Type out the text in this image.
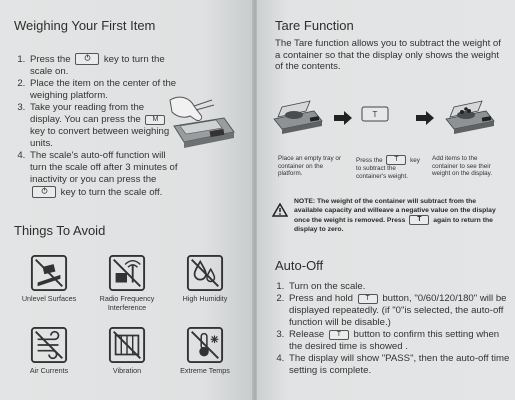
Weighing Your First Item
1. Press the	key to turn the scale on.
2. Place the item on the center of the weighing platform.
3. Take your reading from the display. You can press the M key to convert between weighing units.
4. The scale's auto-off function will turn the scale off after 3 minutes of inactivity or you can press the  key to turn the scale off.
Things To Avoid
Unlevel Surfaces	Radio Frequency Interference
High Humidity
Air Currents	Vibration	Extreme Temps
Tare Function

The Tare function allows you to subtract the weight of a container so that the display only shows the weight of the contents.

T
Place an empty tray or container on the platform.
Press the T key to subtract the container's weight.
Add items to the container to see their weight on the display.
NOTE: The weight of the container will subtract from the available capacity and willeave a negative value on the display once the weight is removed. Press T again to return the display to zero.
Auto-Off
1. Turn on the scale.
2. Press and hold T button, "0/60/120/180" will be displayed repeatedly. (if "0"is selected, the auto-off function will be disable.)
3. Release T button to confirm this setting when the desired time is showed .
4. The display will show "PASS", then the auto-off time setting is complete.
